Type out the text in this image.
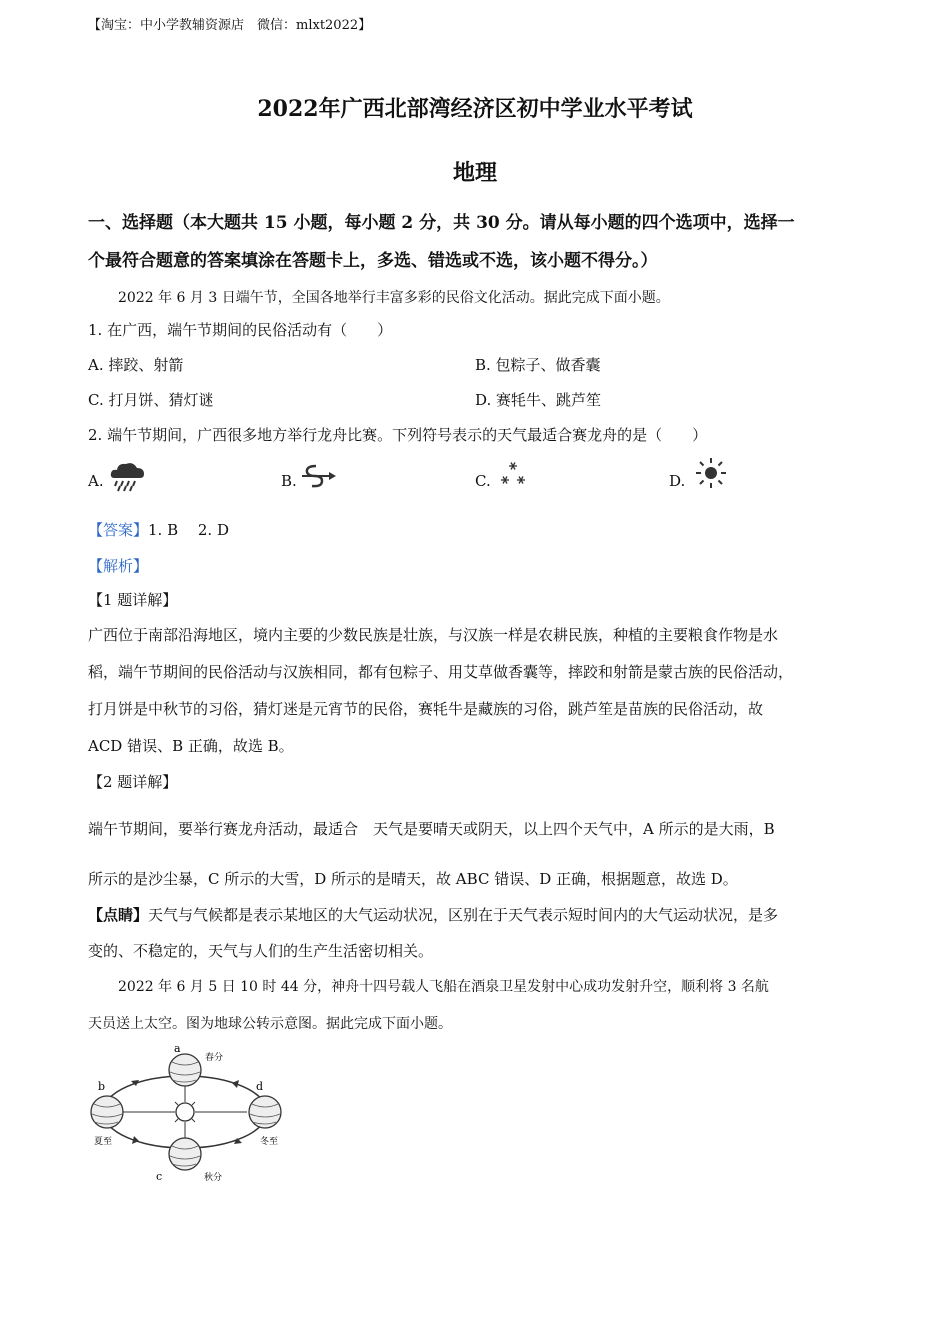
【淘宝：中小学教辅资源店　微信：mlxt2022】
2022年广西北部湾经济区初中学业水平考试
地理
一、选择题（本大题共 15 小题，每小题 2 分，共 30 分。请从每小题的四个选项中，选择一
个最符合题意的答案填涂在答题卡上，多选、错选或不选，该小题不得分。）
2022 年 6 月 3 日端午节，全国各地举行丰富多彩的民俗文化活动。据此完成下面小题。
1. 在广西，端午节期间的民俗活动有（　　）
A. 摔跤、射箭	B. 包粽子、做香囊
C. 打月饼、猜灯谜	D. 赛牦牛、跳芦笙
2. 端午节期间，广西很多地方举行龙舟比赛。下列符号表示的天气最适合赛龙舟的是（　　）
A.	B.	C.	D.
【答案】1. B　 2. D
【解析】
【1 题详解】
广西位于南部沿海地区，境内主要的少数民族是壮族，与汉族一样是农耕民族，种植的主要粮食作物是水
稻，端午节期间的民俗活动与汉族相同，都有包粽子、用艾草做香囊等，摔跤和射箭是蒙古族的民俗活动，
打月饼是中秋节的习俗，猜灯迷是元宵节的民俗，赛牦牛是藏族的习俗，跳芦笙是苗族的民俗活动，故
ACD 错误、B 正确，故选 B。
【2 题详解】
端午节期间，要举行赛龙舟活动，最适合　天气是要晴天或阴天，以上四个天气中，A 所示的是大雨，B
所示的是沙尘暴，C 所示的大雪，D 所示的是晴天，故 ABC 错误、D 正确，根据题意，故选 D。
【点睛】天气与气候都是表示某地区的大气运动状况，区别在于天气表示短时间内的大气运动状况，是多
变的、不稳定的，天气与人们的生产生活密切相关。
2022 年 6 月 5 日 10 时 44 分，神舟十四号载人飞船在酒泉卫星发射中心成功发射升空，顺利将 3 名航
天员送上太空。图为地球公转示意图。据此完成下面小题。
a
b
c
d
春分
夏至
秋分
冬至
